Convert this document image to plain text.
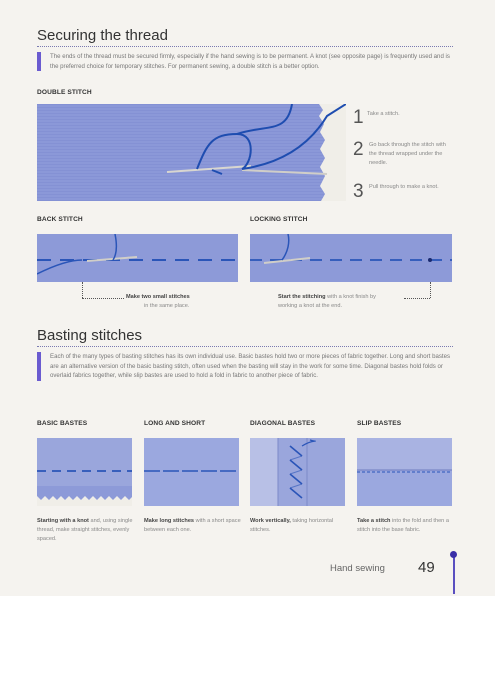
Securing the thread
The ends of the thread must be secured firmly, especially if the hand sewing is to be permanent. A knot (see opposite page) is frequently used and is the preferred choice for temporary stitches. For permanent sewing, a double stitch is a better option.
DOUBLE STITCH
1 Take a stitch.
2 Go back through the stitch with the thread wrapped under the needle.
3 Pull through to make a knot.
BACK STITCH
Make two small stitches
in the same place.
LOCKING STITCH
Start the stitching with a knot finish by
working a knot at the end.
Basting stitches
Each of the many types of basting stitches has its own individual use. Basic bastes hold two or more pieces of fabric together. Long and short bastes are an alternative version of the basic basting stitch, often used when the basting will stay in the work for some time. Diagonal bastes hold folds or overlaid fabrics together, while slip bastes are used to hold a fold in fabric to another piece of fabric.
BASIC BASTES
Starting with a knot and, using single thread, make straight stitches, evenly spaced.
LONG AND SHORT
Make long stitches with a short space between each one.
DIAGONAL BASTES
Work vertically, taking horizontal stitches.
SLIP BASTES
Take a stitch into the fold and then a stitch into the base fabric.
Hand sewing 49
